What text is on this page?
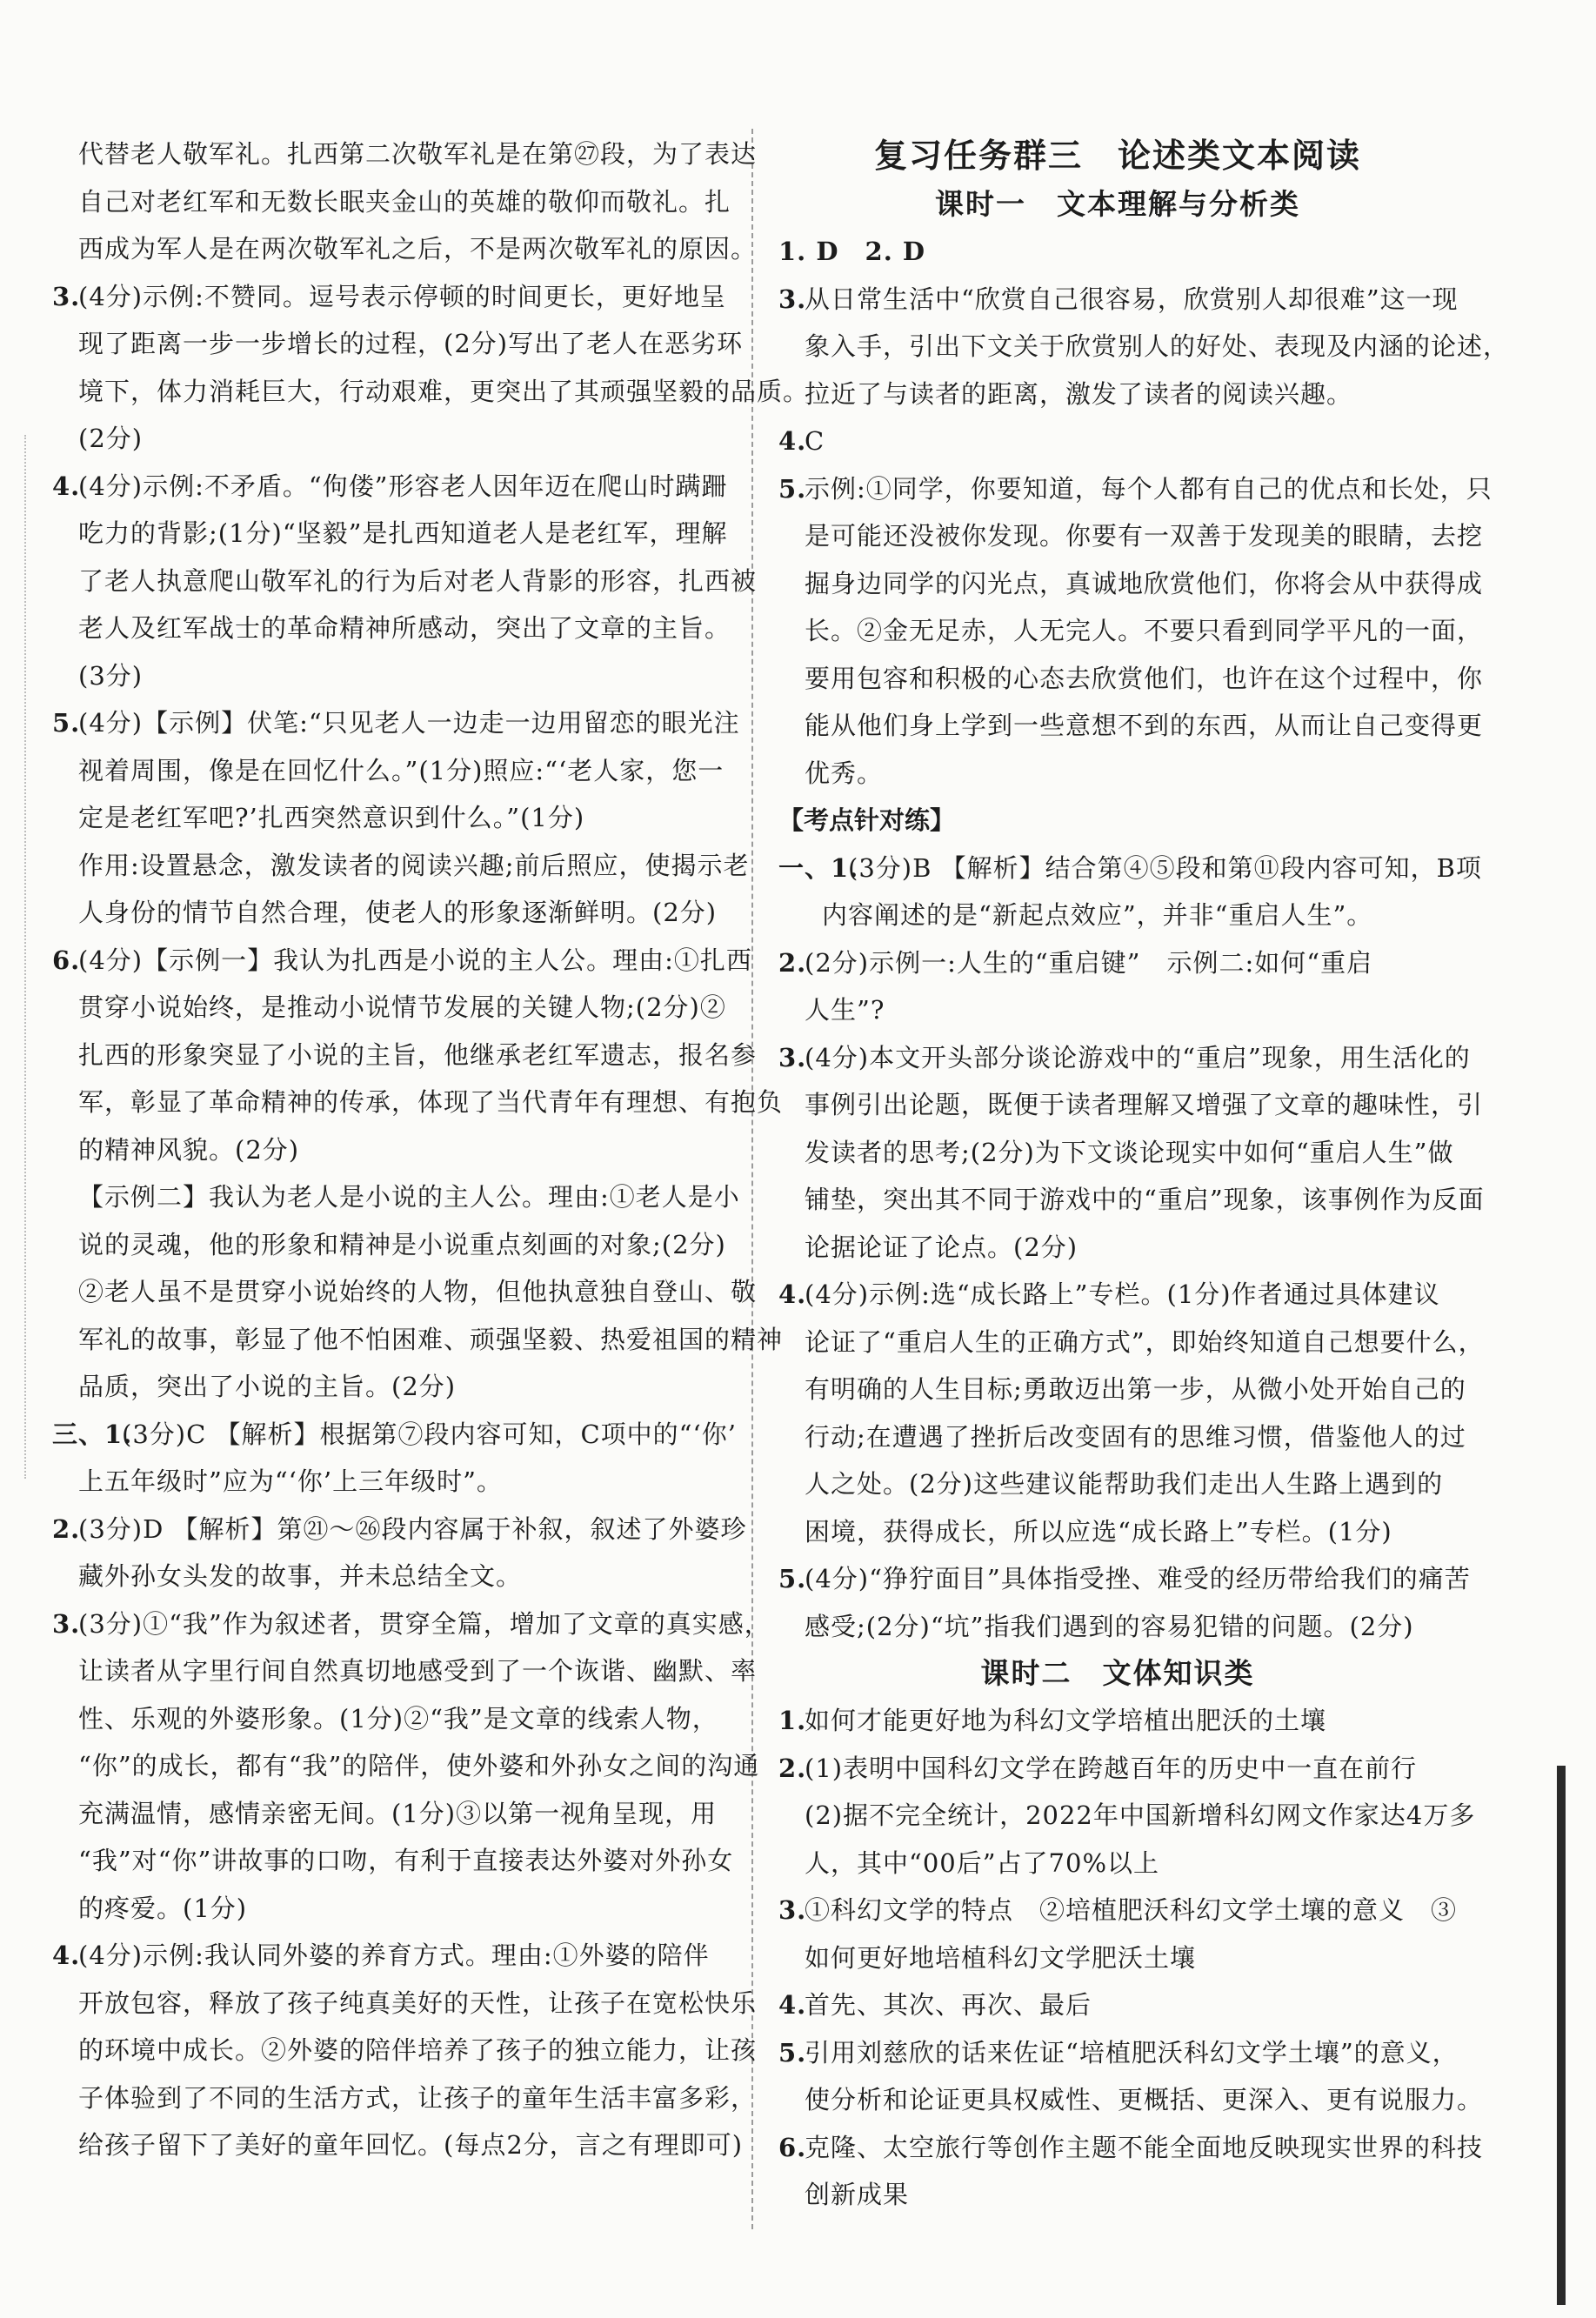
代替老人敬军礼。扎西第二次敬军礼是在第㉗段，为了表达
自己对老红军和无数长眠夹金山的英雄的敬仰而敬礼。扎
西成为军人是在两次敬军礼之后，不是两次敬军礼的原因。
3.
(4分)示例:不赞同。逗号表示停顿的时间更长，更好地呈
现了距离一步一步增长的过程，(2分)写出了老人在恶劣环
境下，体力消耗巨大，行动艰难，更突出了其顽强坚毅的品质。
(2分)
4.
(4分)示例:不矛盾。“佝偻”形容老人因年迈在爬山时蹒跚
吃力的背影;(1分)“坚毅”是扎西知道老人是老红军，理解
了老人执意爬山敬军礼的行为后对老人背影的形容，扎西被
老人及红军战士的革命精神所感动，突出了文章的主旨。
(3分)
5.
(4分)【示例】伏笔:“只见老人一边走一边用留恋的眼光注
视着周围，像是在回忆什么。”(1分)照应:“‘老人家，您一
定是老红军吧?’扎西突然意识到什么。”(1分)
作用:设置悬念，激发读者的阅读兴趣;前后照应，使揭示老
人身份的情节自然合理，使老人的形象逐渐鲜明。(2分)
6.
(4分)【示例一】我认为扎西是小说的主人公。理由:①扎西
贯穿小说始终，是推动小说情节发展的关键人物;(2分)②
扎西的形象突显了小说的主旨，他继承老红军遗志，报名参
军，彰显了革命精神的传承，体现了当代青年有理想、有抱负
的精神风貌。(2分)
【示例二】我认为老人是小说的主人公。理由:①老人是小
说的灵魂，他的形象和精神是小说重点刻画的对象;(2分)
②老人虽不是贯穿小说始终的人物，但他执意独自登山、敬
军礼的故事，彰显了他不怕困难、顽强坚毅、热爱祖国的精神
品质，突出了小说的主旨。(2分)
三、1.
(3分)C 【解析】根据第⑦段内容可知，C项中的“‘你’
上五年级时”应为“‘你’上三年级时”。
2.
(3分)D 【解析】第㉑～㉖段内容属于补叙，叙述了外婆珍
藏外孙女头发的故事，并未总结全文。
3.
(3分)①“我”作为叙述者，贯穿全篇，增加了文章的真实感，
让读者从字里行间自然真切地感受到了一个诙谐、幽默、率
性、乐观的外婆形象。(1分)②“我”是文章的线索人物，
“你”的成长，都有“我”的陪伴，使外婆和外孙女之间的沟通
充满温情，感情亲密无间。(1分)③以第一视角呈现，用
“我”对“你”讲故事的口吻，有利于直接表达外婆对外孙女
的疼爱。(1分)
4.
(4分)示例:我认同外婆的养育方式。理由:①外婆的陪伴
开放包容，释放了孩子纯真美好的天性，让孩子在宽松快乐
的环境中成长。②外婆的陪伴培养了孩子的独立能力，让孩
子体验到了不同的生活方式，让孩子的童年生活丰富多彩，
给孩子留下了美好的童年回忆。(每点2分，言之有理即可)
复习任务群三　论述类文本阅读
课时一　文本理解与分析类
1. D　2. D
3.
从日常生活中“欣赏自己很容易，欣赏别人却很难”这一现
象入手，引出下文关于欣赏别人的好处、表现及内涵的论述，
拉近了与读者的距离，激发了读者的阅读兴趣。
4.
C
5.
示例:①同学，你要知道，每个人都有自己的优点和长处，只
是可能还没被你发现。你要有一双善于发现美的眼睛，去挖
掘身边同学的闪光点，真诚地欣赏他们，你将会从中获得成
长。②金无足赤，人无完人。不要只看到同学平凡的一面，
要用包容和积极的心态去欣赏他们，也许在这个过程中，你
能从他们身上学到一些意想不到的东西，从而让自己变得更
优秀。
【考点针对练】
一、1.
(3分)B 【解析】结合第④⑤段和第⑪段内容可知，B项
内容阐述的是“新起点效应”，并非“重启人生”。
2.
(2分)示例一:人生的“重启键”　示例二:如何“重启
人生”?
3.
(4分)本文开头部分谈论游戏中的“重启”现象，用生活化的
事例引出论题，既便于读者理解又增强了文章的趣味性，引
发读者的思考;(2分)为下文谈论现实中如何“重启人生”做
铺垫，突出其不同于游戏中的“重启”现象，该事例作为反面
论据论证了论点。(2分)
4.
(4分)示例:选“成长路上”专栏。(1分)作者通过具体建议
论证了“重启人生的正确方式”，即始终知道自己想要什么，
有明确的人生目标;勇敢迈出第一步，从微小处开始自己的
行动;在遭遇了挫折后改变固有的思维习惯，借鉴他人的过
人之处。(2分)这些建议能帮助我们走出人生路上遇到的
困境，获得成长，所以应选“成长路上”专栏。(1分)
5.
(4分)“狰狞面目”具体指受挫、难受的经历带给我们的痛苦
感受;(2分)“坑”指我们遇到的容易犯错的问题。(2分)
课时二　文体知识类
1.
如何才能更好地为科幻文学培植出肥沃的土壤
2.
(1)表明中国科幻文学在跨越百年的历史中一直在前行
(2)据不完全统计，2022年中国新增科幻网文作家达4万多
人，其中“00后”占了70%以上
3.
①科幻文学的特点　②培植肥沃科幻文学土壤的意义　③
如何更好地培植科幻文学肥沃土壤
4.
首先、其次、再次、最后
5.
引用刘慈欣的话来佐证“培植肥沃科幻文学土壤”的意义，
使分析和论证更具权威性、更概括、更深入、更有说服力。
6.
克隆、太空旅行等创作主题不能全面地反映现实世界的科技
创新成果
